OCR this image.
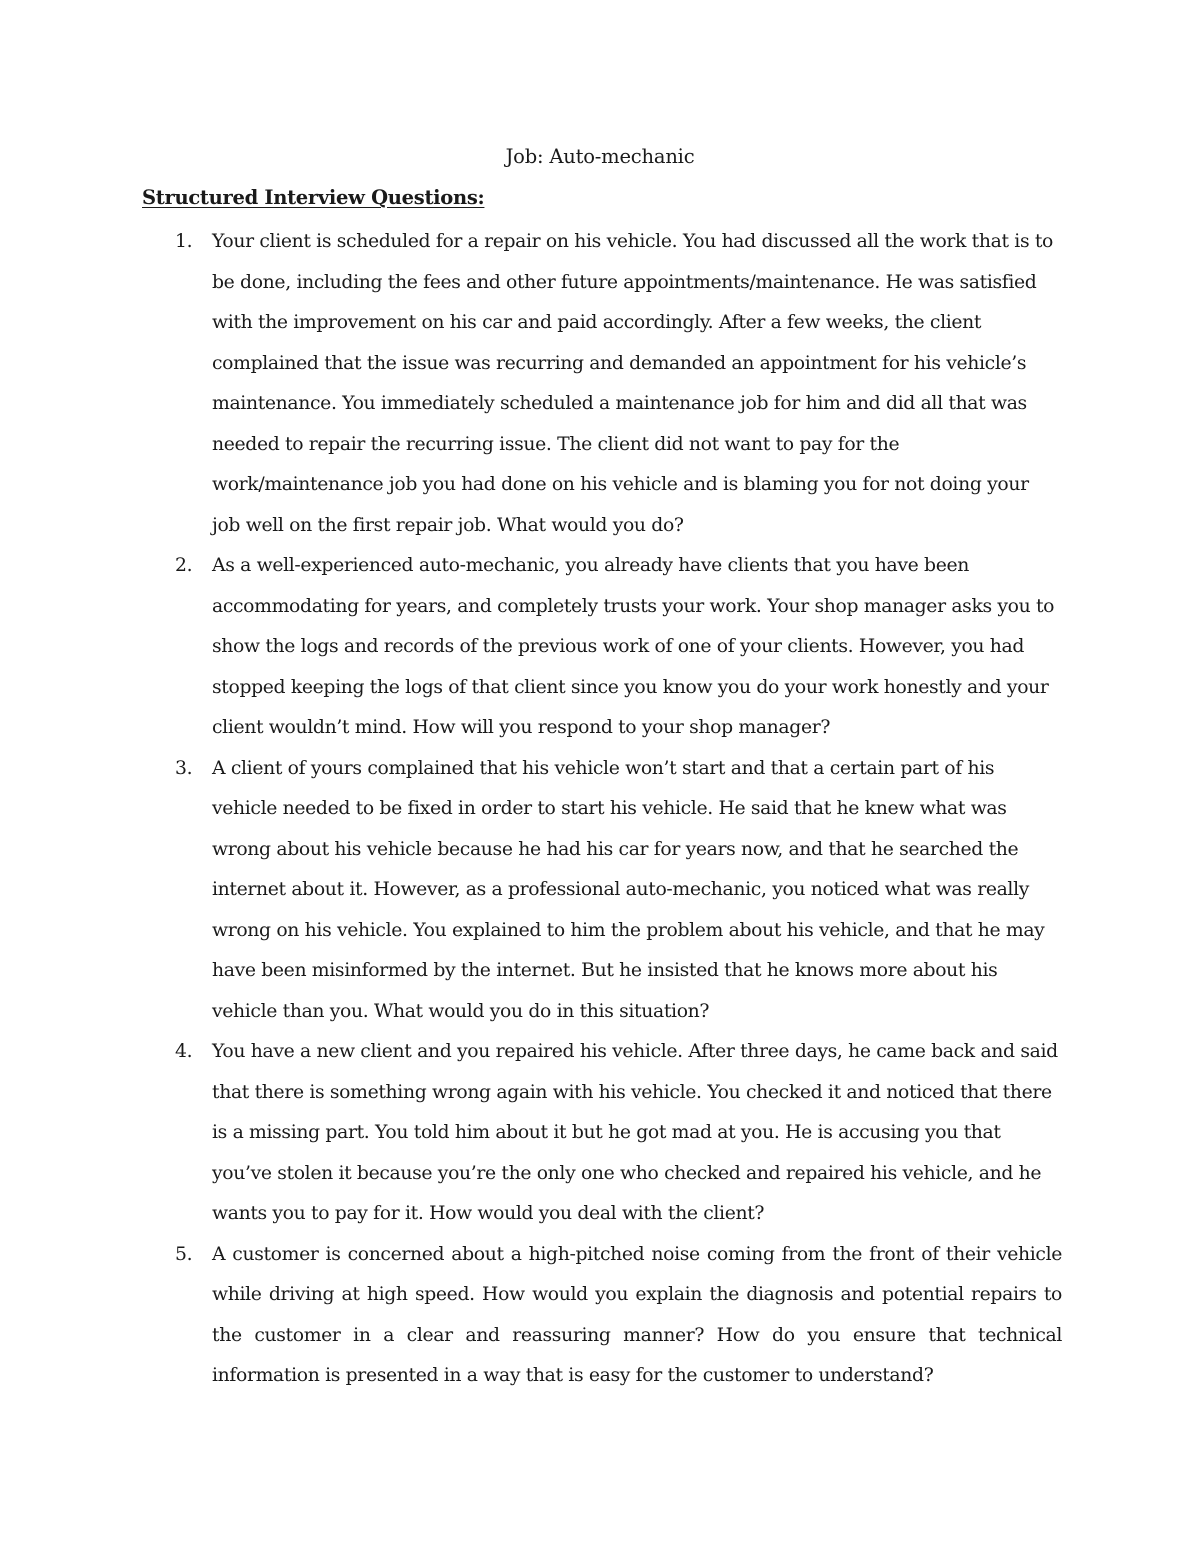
Job: Auto-mechanic
Structured Interview Questions:
1. Your client is scheduled for a repair on his vehicle. You had discussed all the work that is to be done, including the fees and other future appointments/maintenance. He was satisfied with the improvement on his car and paid accordingly. After a few weeks, the client complained that the issue was recurring and demanded an appointment for his vehicle’s maintenance. You immediately scheduled a maintenance job for him and did all that was needed to repair the recurring issue. The client did not want to pay for the work/maintenance job you had done on his vehicle and is blaming you for not doing your job well on the first repair job. What would you do?
2. As a well-experienced auto-mechanic, you already have clients that you have been accommodating for years, and completely trusts your work. Your shop manager asks you to show the logs and records of the previous work of one of your clients. However, you had stopped keeping the logs of that client since you know you do your work honestly and your client wouldn’t mind. How will you respond to your shop manager?
3. A client of yours complained that his vehicle won’t start and that a certain part of his vehicle needed to be fixed in order to start his vehicle. He said that he knew what was wrong about his vehicle because he had his car for years now, and that he searched the internet about it. However, as a professional auto-mechanic, you noticed what was really wrong on his vehicle. You explained to him the problem about his vehicle, and that he may have been misinformed by the internet. But he insisted that he knows more about his vehicle than you. What would you do in this situation?
4. You have a new client and you repaired his vehicle. After three days, he came back and said that there is something wrong again with his vehicle. You checked it and noticed that there is a missing part. You told him about it but he got mad at you. He is accusing you that you’ve stolen it because you’re the only one who checked and repaired his vehicle, and he wants you to pay for it. How would you deal with the client?
5. A customer is concerned about a high-pitched noise coming from the front of their vehicle while driving at high speed. How would you explain the diagnosis and potential repairs to the customer in a clear and reassuring manner? How do you ensure that technical information is presented in a way that is easy for the customer to understand?
